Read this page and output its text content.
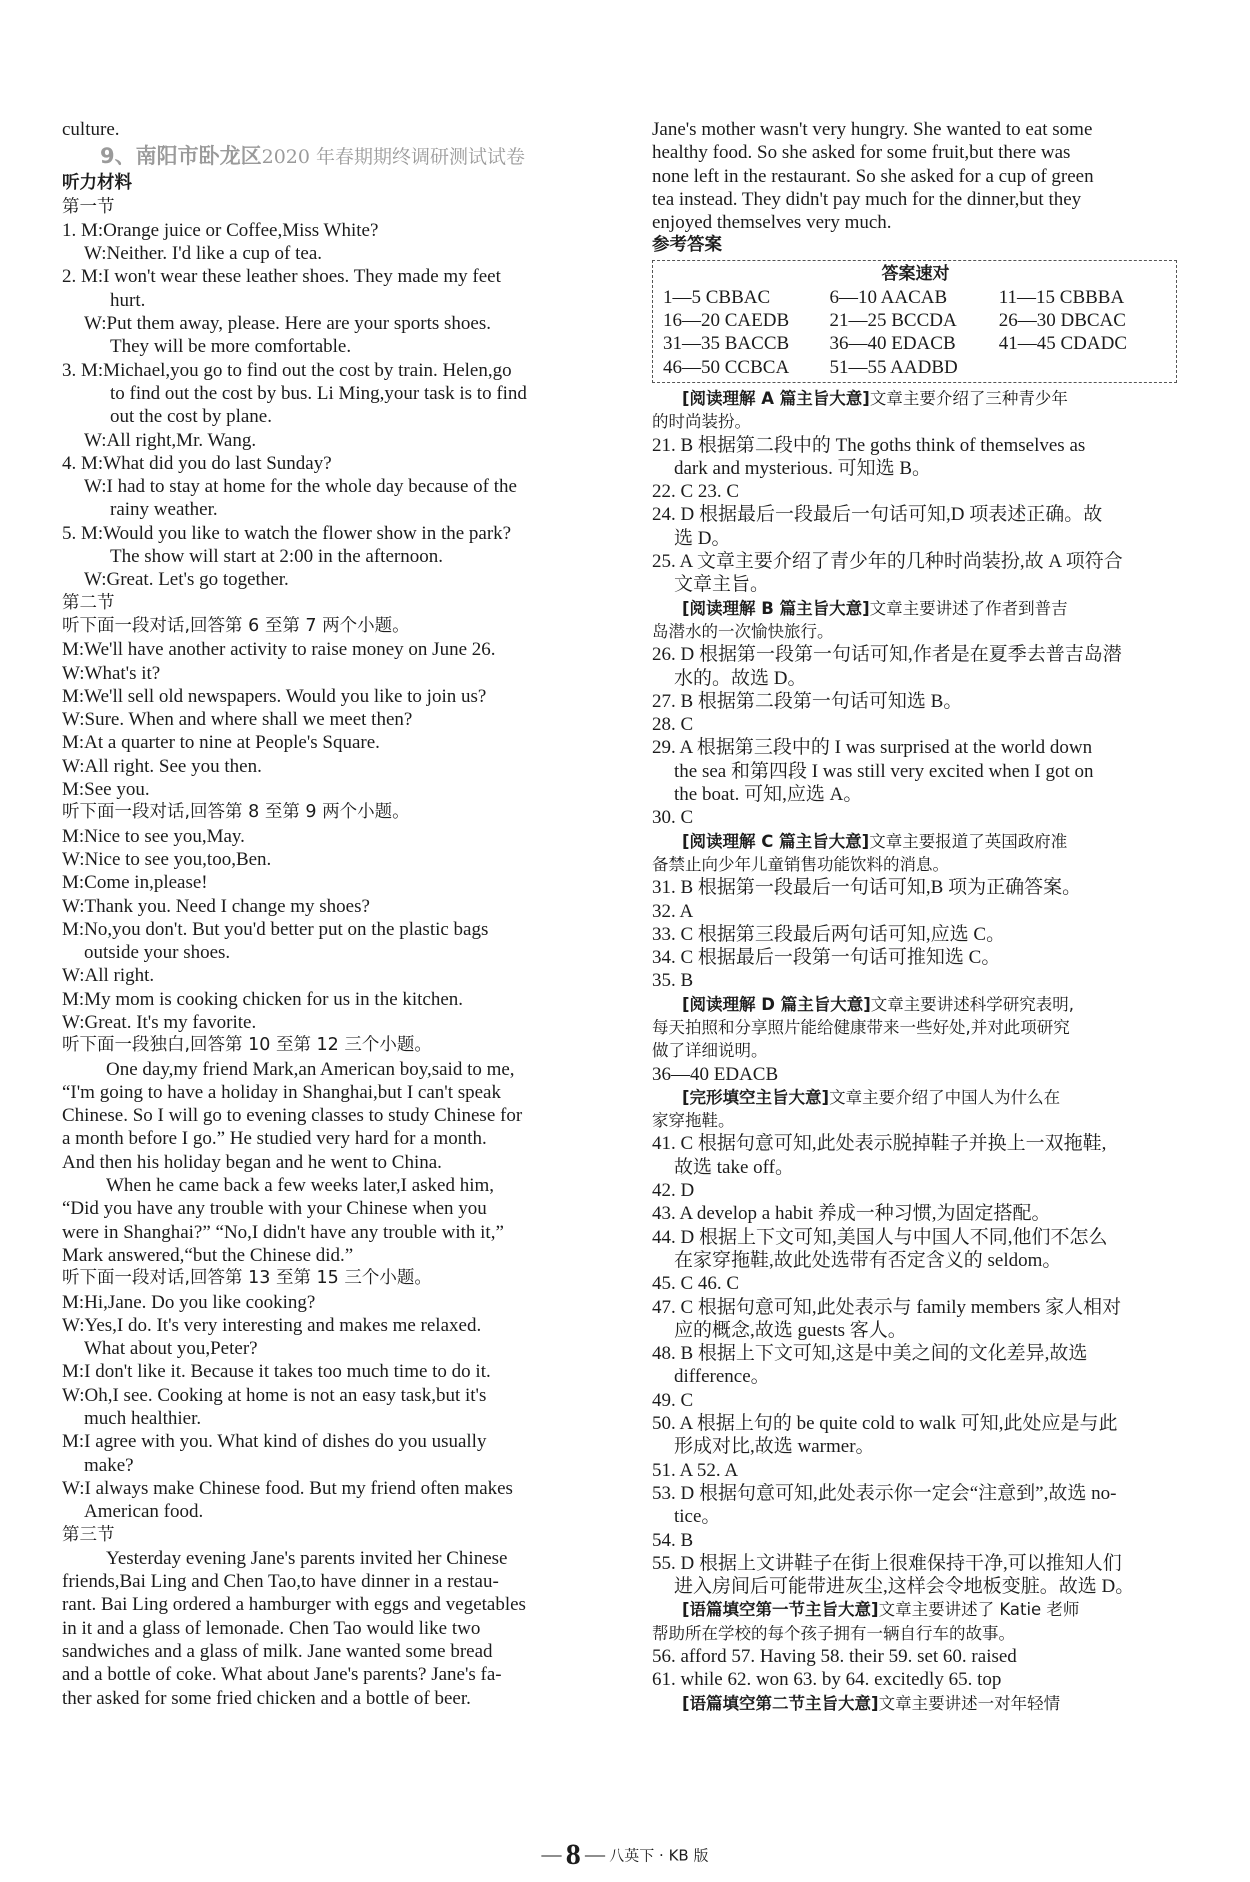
culture.
9、南阳市卧龙区2020 年春期期终调研测试试卷
听力材料
第一节
1. M:Orange juice or Coffee,Miss White?
W:Neither. I'd like a cup of tea.
2. M:I won't wear these leather shoes. They made my feet
hurt.
W:Put them away, please. Here are your sports shoes.
They will be more comfortable.
3. M:Michael,you go to find out the cost by train. Helen,go
to find out the cost by bus. Li Ming,your task is to find
out the cost by plane.
W:All right,Mr. Wang.
4. M:What did you do last Sunday?
W:I had to stay at home for the whole day because of the
rainy weather.
5. M:Would you like to watch the flower show in the park?
The show will start at 2:00 in the afternoon.
W:Great. Let's go together.
第二节
听下面一段对话,回答第 6 至第 7 两个小题。
M:We'll have another activity to raise money on June 26.
W:What's it?
M:We'll sell old newspapers. Would you like to join us?
W:Sure. When and where shall we meet then?
M:At a quarter to nine at People's Square.
W:All right. See you then.
M:See you.
听下面一段对话,回答第 8 至第 9 两个小题。
M:Nice to see you,May.
W:Nice to see you,too,Ben.
M:Come in,please!
W:Thank you. Need I change my shoes?
M:No,you don't. But you'd better put on the plastic bags
outside your shoes.
W:All right.
M:My mom is cooking chicken for us in the kitchen.
W:Great. It's my favorite.
听下面一段独白,回答第 10 至第 12 三个小题。
One day,my friend Mark,an American boy,said to me,
“I'm going to have a holiday in Shanghai,but I can't speak
Chinese. So I will go to evening classes to study Chinese for
a month before I go.” He studied very hard for a month.
And then his holiday began and he went to China.
When he came back a few weeks later,I asked him,
“Did you have any trouble with your Chinese when you
were in Shanghai?” “No,I didn't have any trouble with it,”
Mark answered,“but the Chinese did.”
听下面一段对话,回答第 13 至第 15 三个小题。
M:Hi,Jane. Do you like cooking?
W:Yes,I do. It's very interesting and makes me relaxed.
What about you,Peter?
M:I don't like it. Because it takes too much time to do it.
W:Oh,I see. Cooking at home is not an easy task,but it's
much healthier.
M:I agree with you. What kind of dishes do you usually
make?
W:I always make Chinese food. But my friend often makes
American food.
第三节
Yesterday evening Jane's parents invited her Chinese
friends,Bai Ling and Chen Tao,to have dinner in a restau-
rant. Bai Ling ordered a hamburger with eggs and vegetables
in it and a glass of lemonade. Chen Tao would like two
sandwiches and a glass of milk. Jane wanted some bread
and a bottle of coke. What about Jane's parents? Jane's fa-
ther asked for some fried chicken and a bottle of beer.
Jane's mother wasn't very hungry. She wanted to eat some
healthy food. So she asked for some fruit,but there was
none left in the restaurant. So she asked for a cup of green
tea instead. They didn't pay much for the dinner,but they
enjoyed themselves very much.
参考答案
答案速对
1—5 CBBAC	6—10 AACAB	11—15 CBBBA
16—20 CAEDB	21—25 BCCDA	26—30 DBCAC
31—35 BACCB	36—40 EDACB	41—45 CDADC
46—50 CCBCA	51—55 AADBD	
[阅读理解 A 篇主旨大意]文章主要介绍了三种青少年
的时尚装扮。
21. B 根据第二段中的 The goths think of themselves as
dark and mysterious. 可知选 B。
22. C 23. C
24. D 根据最后一段最后一句话可知,D 项表述正确。故
选 D。
25. A 文章主要介绍了青少年的几种时尚装扮,故 A 项符合
文章主旨。
[阅读理解 B 篇主旨大意]文章主要讲述了作者到普吉
岛潜水的一次愉快旅行。
26. D 根据第一段第一句话可知,作者是在夏季去普吉岛潜
水的。故选 D。
27. B 根据第二段第一句话可知选 B。
28. C
29. A 根据第三段中的 I was surprised at the world down
the sea 和第四段 I was still very excited when I got on
the boat. 可知,应选 A。
30. C
[阅读理解 C 篇主旨大意]文章主要报道了英国政府准
备禁止向少年儿童销售功能饮料的消息。
31. B 根据第一段最后一句话可知,B 项为正确答案。
32. A
33. C 根据第三段最后两句话可知,应选 C。
34. C 根据最后一段第一句话可推知选 C。
35. B
[阅读理解 D 篇主旨大意]文章主要讲述科学研究表明,
每天拍照和分享照片能给健康带来一些好处,并对此项研究
做了详细说明。
36—40 EDACB
[完形填空主旨大意]文章主要介绍了中国人为什么在
家穿拖鞋。
41. C 根据句意可知,此处表示脱掉鞋子并换上一双拖鞋,
故选 take off。
42. D
43. A develop a habit 养成一种习惯,为固定搭配。
44. D 根据上下文可知,美国人与中国人不同,他们不怎么
在家穿拖鞋,故此处选带有否定含义的 seldom。
45. C 46. C
47. C 根据句意可知,此处表示与 family members 家人相对
应的概念,故选 guests 客人。
48. B 根据上下文可知,这是中美之间的文化差异,故选
difference。
49. C
50. A 根据上句的 be quite cold to walk 可知,此处应是与此
形成对比,故选 warmer。
51. A 52. A
53. D 根据句意可知,此处表示你一定会“注意到”,故选 no-
tice。
54. B
55. D 根据上文讲鞋子在街上很难保持干净,可以推知人们
进入房间后可能带进灰尘,这样会令地板变脏。故选 D。
[语篇填空第一节主旨大意]文章主要讲述了 Katie 老师
帮助所在学校的每个孩子拥有一辆自行车的故事。
56. afford 57. Having 58. their 59. set 60. raised
61. while 62. won 63. by 64. excitedly 65. top
[语篇填空第二节主旨大意]文章主要讲述一对年轻情
— 8 — 八英下 · KB 版
